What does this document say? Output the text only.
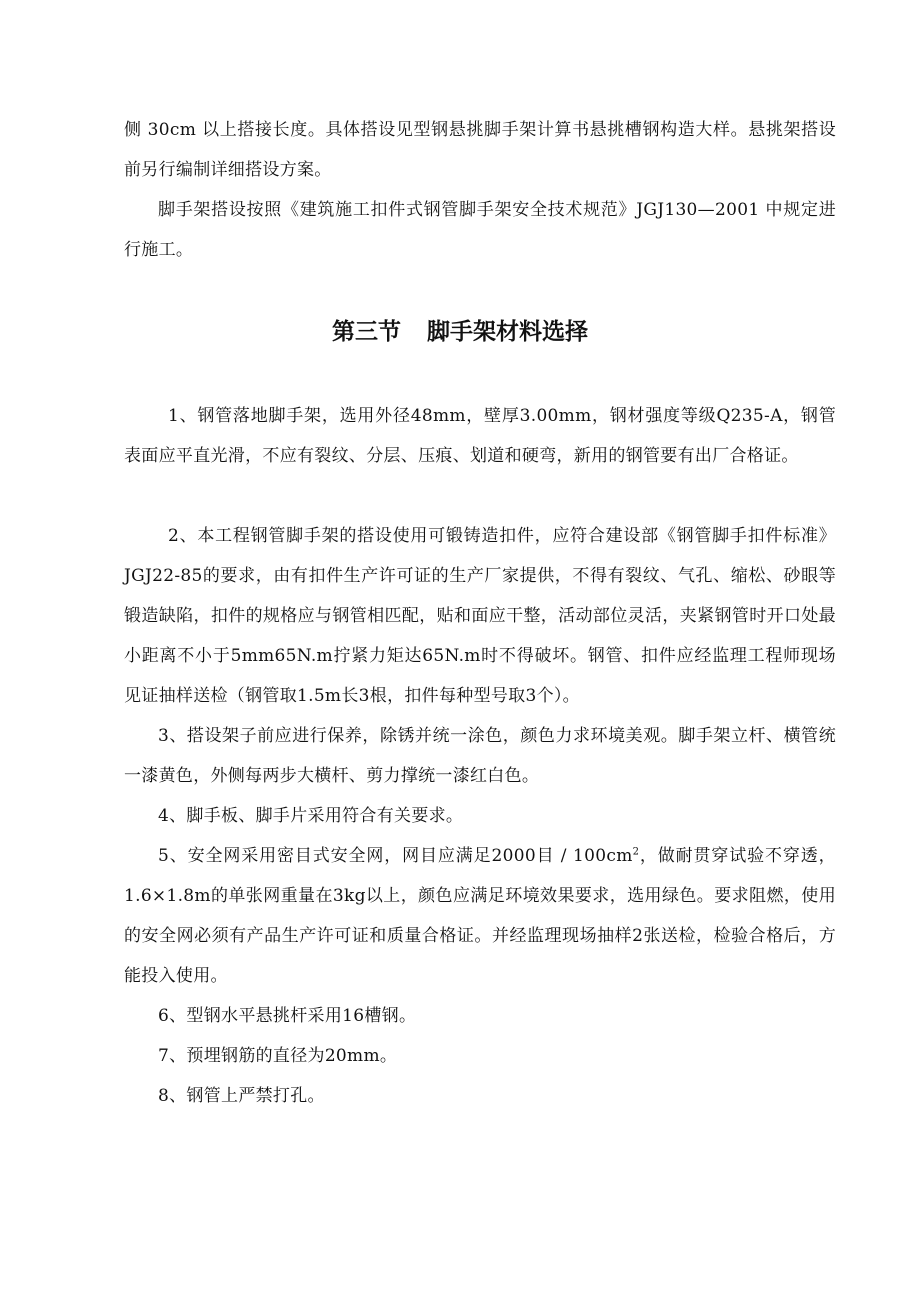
侧 30cm 以上搭接长度。具体搭设见型钢悬挑脚手架计算书悬挑槽钢构造大样。悬挑架搭设前另行编制详细搭设方案。

脚手架搭设按照《建筑施工扣件式钢管脚手架安全技术规范》JGJ130—2001 中规定进行施工。

第三节 脚手架材料选择

1、钢管落地脚手架，选用外径48mm，壁厚3.00mm，钢材强度等级Q235-A，钢管表面应平直光滑，不应有裂纹、分层、压痕、划道和硬弯，新用的钢管要有出厂合格证。

2、本工程钢管脚手架的搭设使用可锻铸造扣件，应符合建设部《钢管脚手扣件标准》JGJ22-85的要求，由有扣件生产许可证的生产厂家提供，不得有裂纹、气孔、缩松、砂眼等锻造缺陷，扣件的规格应与钢管相匹配，贴和面应干整，活动部位灵活，夹紧钢管时开口处最小距离不小于5mm65N.m拧紧力矩达65N.m时不得破坏。钢管、扣件应经监理工程师现场见证抽样送检（钢管取1.5m长3根，扣件每种型号取3个）。

3、搭设架子前应进行保养，除锈并统一涂色，颜色力求环境美观。脚手架立杆、横管统一漆黄色，外侧每两步大横杆、剪力撑统一漆红白色。

4、脚手板、脚手片采用符合有关要求。

5、安全网采用密目式安全网，网目应满足2000目 / $100cm^2$，做耐贯穿试验不穿透，1.6×1.8m的单张网重量在3kg以上，颜色应满足环境效果要求，选用绿色。要求阻燃，使用的安全网必须有产品生产许可证和质量合格证。并经监理现场抽样2张送检，检验合格后，方能投入使用。

6、型钢水平悬挑杆采用16槽钢。

7、预埋钢筋的直径为20mm。

8、钢管上严禁打孔。
